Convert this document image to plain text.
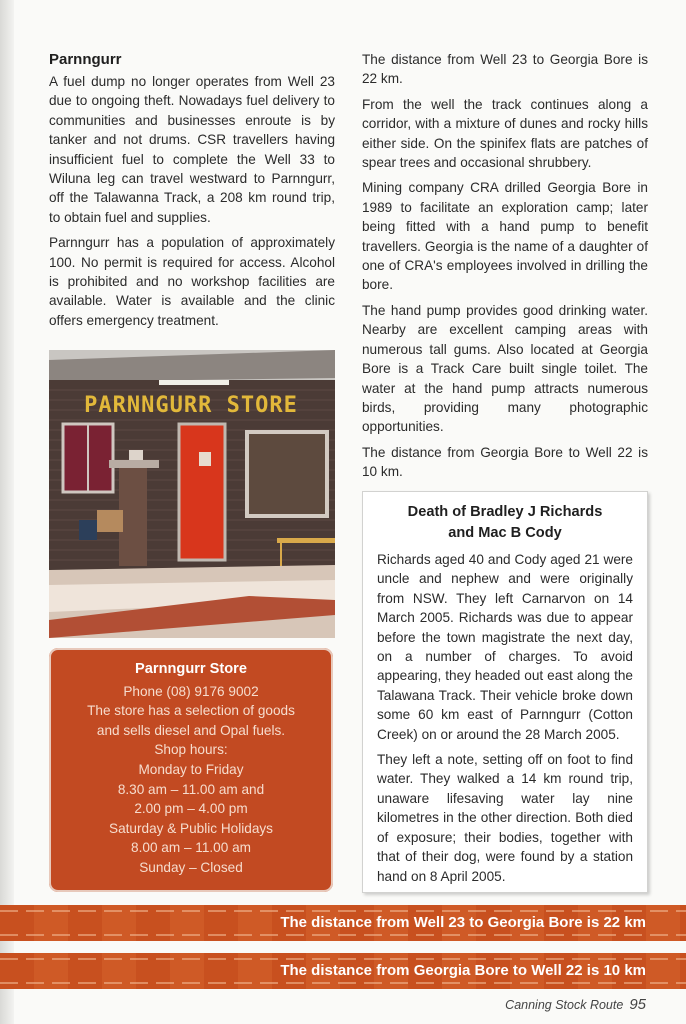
Parnngurr

A fuel dump no longer operates from Well 23 due to ongoing theft. Nowadays fuel delivery to communities and businesses enroute is by tanker and not drums. CSR travellers having insufficient fuel to complete the Well 33 to Wiluna leg can travel westward to Parnngurr, off the Talawanna Track, a 208 km round trip, to obtain fuel and supplies.

Parnngurr has a population of approximately 100. No permit is required for access. Alcohol is prohibited and no workshop facilities are available. Water is available and the clinic offers emergency treatment.

PARNNGURR STORE
Parnngurr Store
Phone (08) 9176 9002
The store has a selection of goods
and sells diesel and Opal fuels.
Shop hours:
Monday to Friday
8.30 am – 11.00 am and
2.00 pm – 4.00 pm
Saturday & Public Holidays
8.00 am – 11.00 am
Sunday – Closed

The distance from Well 23 to Georgia Bore is 22 km.

From the well the track continues along a corridor, with a mixture of dunes and rocky hills either side. On the spinifex flats are patches of spear trees and occasional shrubbery.

Mining company CRA drilled Georgia Bore in 1989 to facilitate an exploration camp; later being fitted with a hand pump to benefit travellers. Georgia is the name of a daughter of one of CRA's employees involved in drilling the bore.

The hand pump provides good drinking water. Nearby are excellent camping areas with numerous tall gums. Also located at Georgia Bore is a Track Care built single toilet. The water at the hand pump attracts numerous birds, providing many photographic opportunities.

The distance from Georgia Bore to Well 22 is 10 km.

Death of Bradley J Richards
and Mac B Cody

Richards aged 40 and Cody aged 21 were uncle and nephew and were originally from NSW. They left Carnarvon on 14 March 2005. Richards was due to appear before the town magistrate the next day, on a number of charges. To avoid appearing, they headed out east along the Talawana Track. Their vehicle broke down some 60 km east of Parnngurr (Cotton Creek) on or around the 28 March 2005.

They left a note, setting off on foot to find water. They walked a 14 km round trip, unaware lifesaving water lay nine kilometres in the other direction. Both died of exposure; their bodies, together with that of their dog, were found by a station hand on 8 April 2005.

The distance from Well 23 to Georgia Bore is 22 km
The distance from Georgia Bore to Well 22 is 10 km
Canning Stock Route 95
